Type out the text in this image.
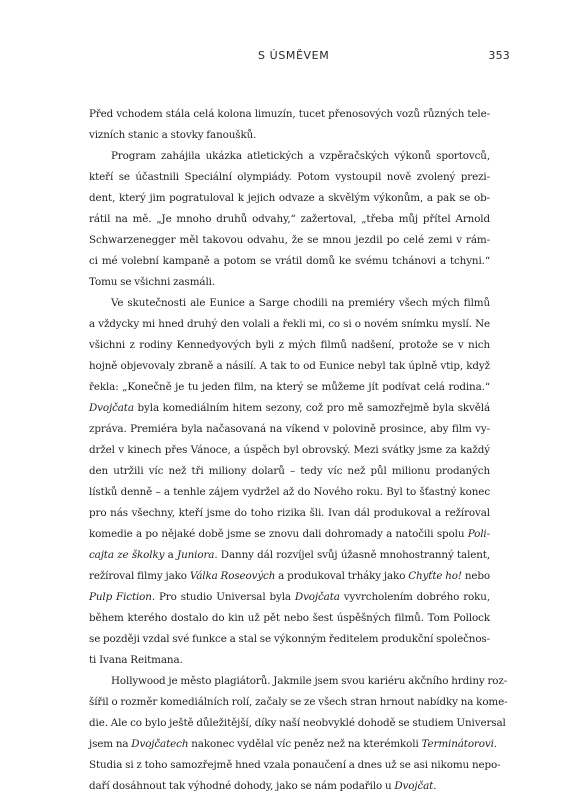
S ÚSMĚVEM	353
Před vchodem stála celá kolona limuzín, tucet přenosových vozů různých tele-
vizních stanic a stovky fanoušků.
Program zahájila ukázka atletických a vzpěračských výkonů sportovců,
kteří se účastnili Speciální olympiády. Potom vystoupil nově zvolený prezi-
dent, který jim pogratuloval k jejich odvaze a skvělým výkonům, a pak se ob-
rátil na mě. „Je mnoho druhů odvahy,“ zažertoval, „třeba můj přítel Arnold
Schwarzenegger měl takovou odvahu, že se mnou jezdil po celé zemi v rám-
ci mé volební kampaně a potom se vrátil domů ke svému tchánovi a tchyni.“
Tomu se všichni zasmáli.
Ve skutečnosti ale Eunice a Sarge chodili na premiéry všech mých filmů
a vždycky mi hned druhý den volali a řekli mi, co si o novém snímku myslí. Ne
všichni z rodiny Kennedyových byli z mých filmů nadšení, protože se v nich
hojně objevovaly zbraně a násilí. A tak to od Eunice nebyl tak úplně vtip, když
řekla: „Konečně je tu jeden film, na který se můžeme jít podívat celá rodina.“
Dvojčata byla komediálním hitem sezony, což pro mě samozřejmě byla skvělá
zpráva. Premiéra byla načasovaná na víkend v polovině prosince, aby film vy-
držel v kinech přes Vánoce, a úspěch byl obrovský. Mezi svátky jsme za každý
den utržili víc než tři miliony dolarů – tedy víc než půl milionu prodaných
lístků denně – a tenhle zájem vydržel až do Nového roku. Byl to šťastný konec
pro nás všechny, kteří jsme do toho rizika šli. Ivan dál produkoval a režíroval
komedie a po nějaké době jsme se znovu dali dohromady a natočili spolu Poli-
cajta ze školky a Juniora. Danny dál rozvíjel svůj úžasně mnohostranný talent,
režíroval filmy jako Válka Roseových a produkoval trháky jako Chyťte ho! nebo
Pulp Fiction. Pro studio Universal byla Dvojčata vyvrcholením dobrého roku,
během kterého dostalo do kin už pět nebo šest úspěšných filmů. Tom Pollock
se později vzdal své funkce a stal se výkonným ředitelem produkční společnos-
ti Ivana Reitmana.
Hollywood je město plagiátorů. Jakmile jsem svou kariéru akčního hrdiny roz-
šířil o rozměr komediálních rolí, začaly se ze všech stran hrnout nabídky na kome-
die. Ale co bylo ještě důležitější, díky naší neobvyklé dohodě se studiem Universal
jsem na Dvojčatech nakonec vydělal víc peněz než na kterémkoli Terminátorovi.
Studia si z toho samozřejmě hned vzala ponaučení a dnes už se asi nikomu nepo-
daří dosáhnout tak výhodné dohody, jako se nám podařilo u Dvojčat.
